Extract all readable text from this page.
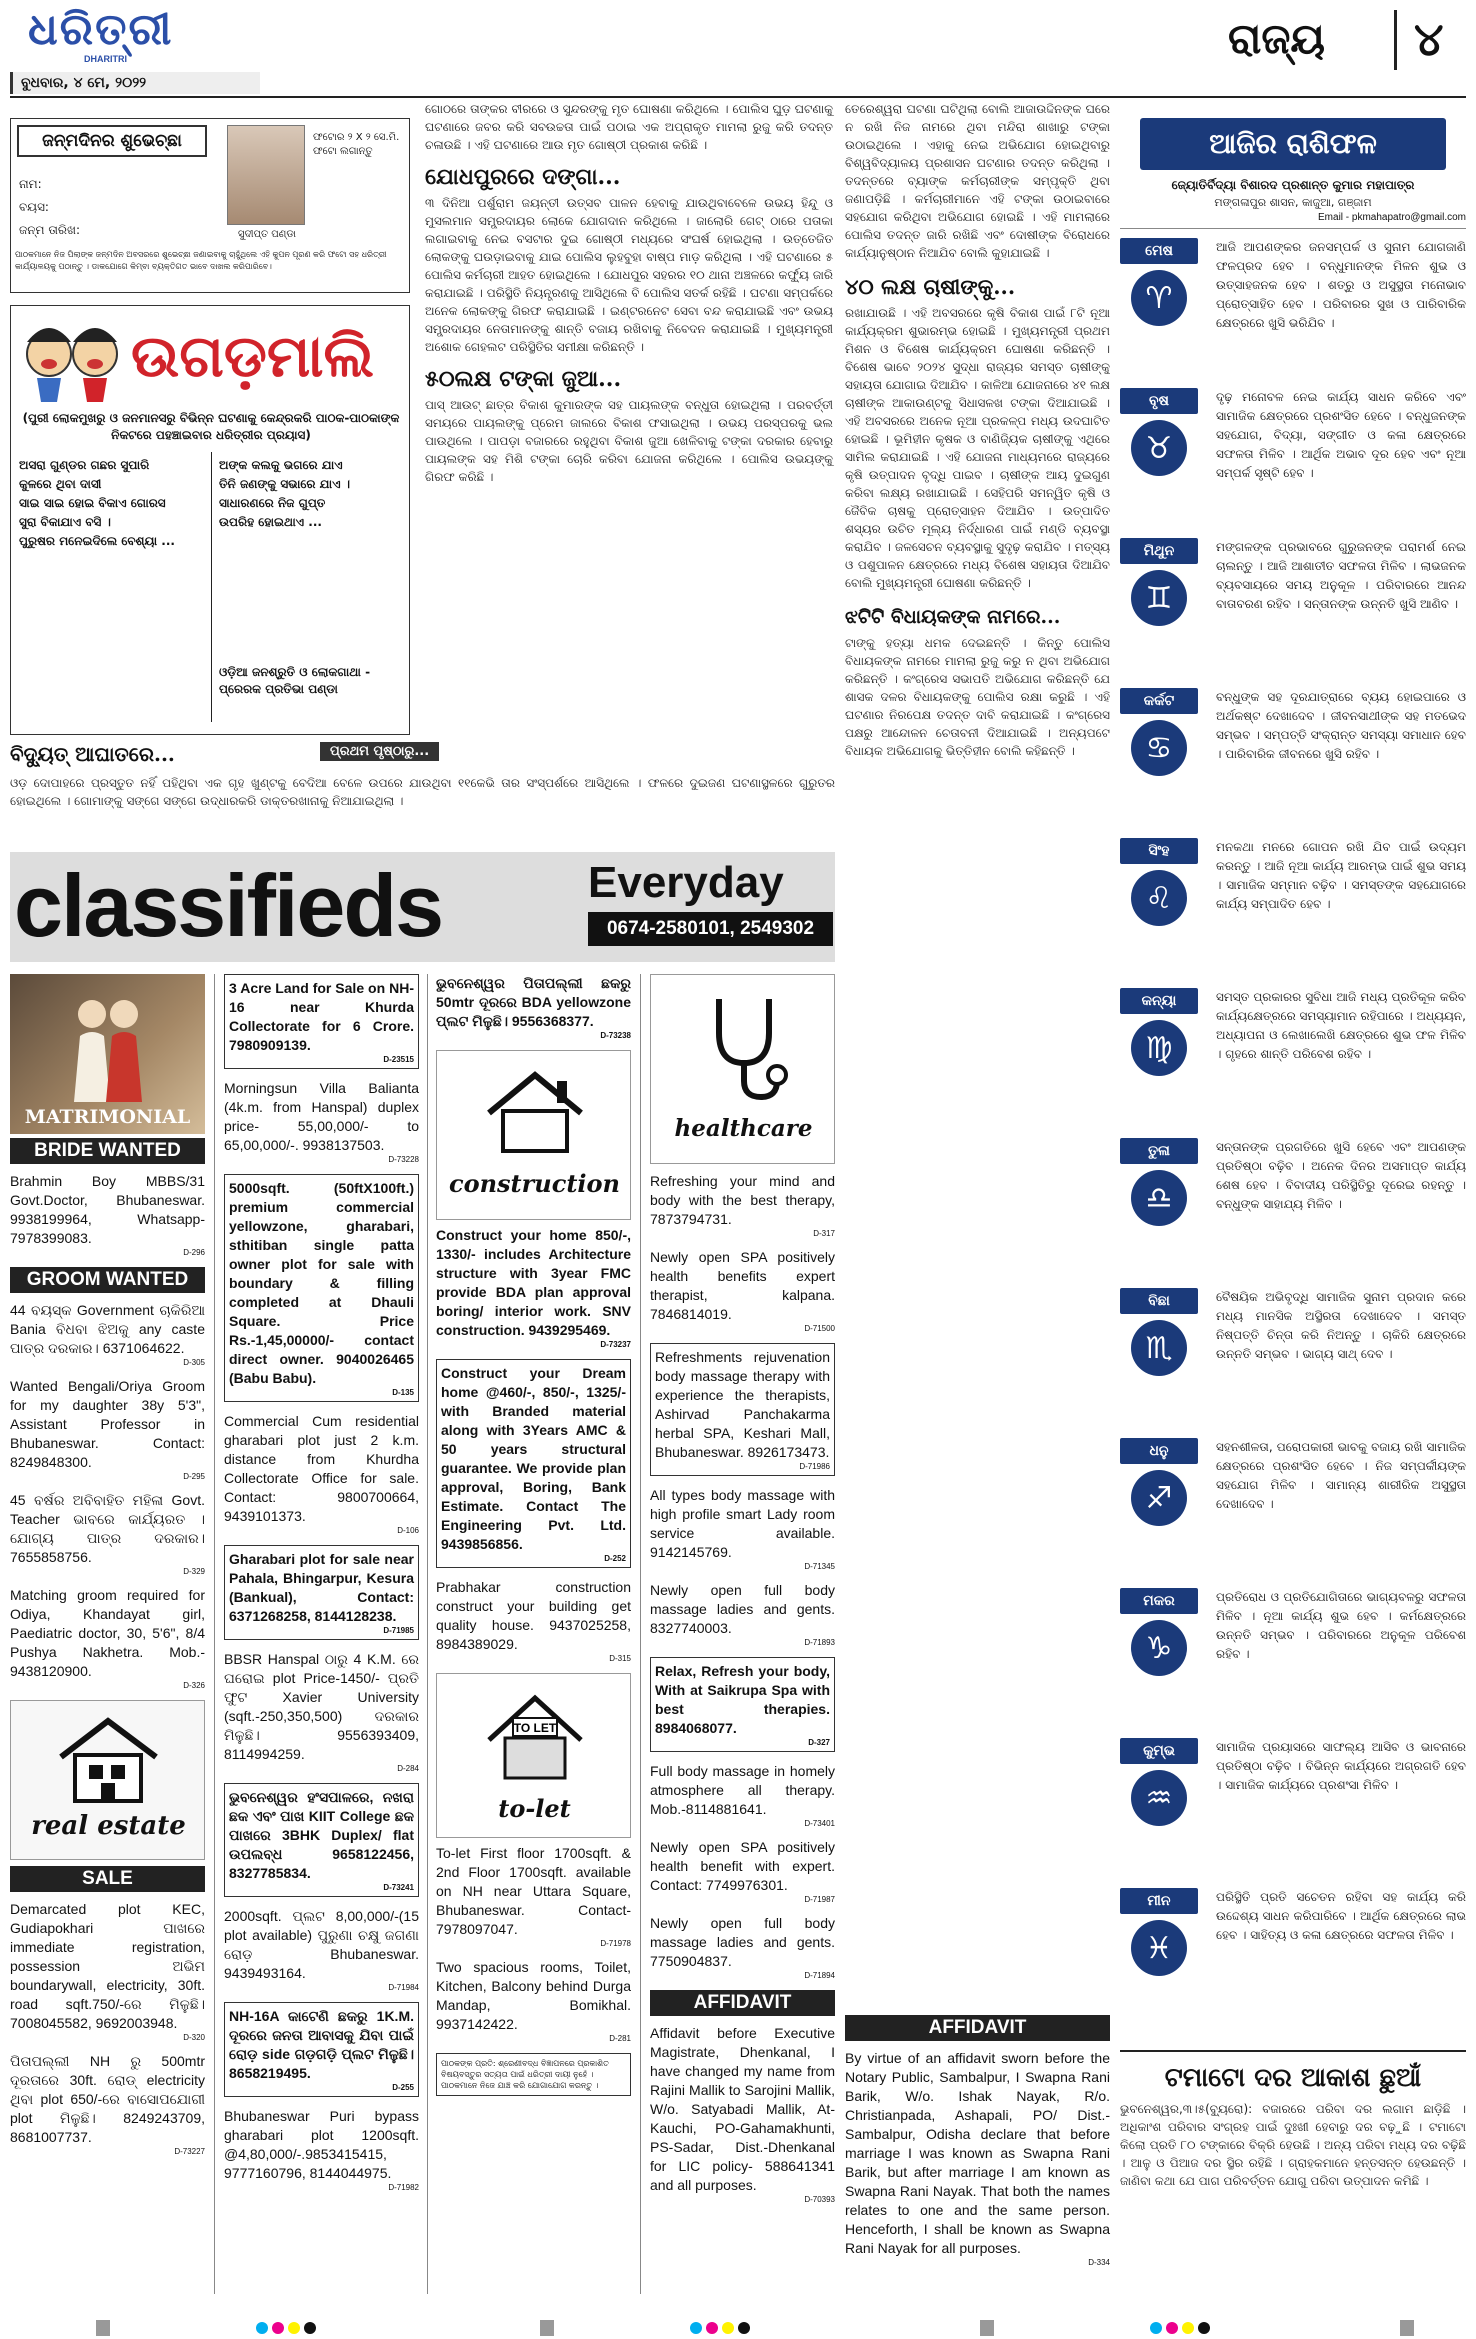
ଧରିତ୍ରୀ
DHARITRI
ବୁଧବାର, ୪ ମେ, ୨୦୨୨
ରାଜ୍ୟ ୪
ଜନ୍ମଦିନର ଶୁଭେଚ୍ଛା
ନାମ:
ବୟସ:
ଜନ୍ମ ତାରିଖ:
ଫଟୋର ୨ X ୨ ସେ.ମି. ଫଟୋ ଲଗାନ୍ତୁ
ସୁଦୀପ୍ତ ପଣ୍ଡା
ପାଠକମାନେ ନିଜ ପିଲାଙ୍କ ଜନ୍ମଦିନ ଅବସରରେ ଶୁଭେଚ୍ଛା ଜଣାଇବାକୁ ଚାହୁଁଥିଲେ ଏହି କୁପନ ପୂରଣ କରି ଫଟୋ ସହ ଧରିତ୍ରୀ କାର୍ଯ୍ୟାଳୟକୁ ପଠାନ୍ତୁ । ଡାକଯୋଗେ କିମ୍ବା ବ୍ୟକ୍ତିଗତ ଭାବେ ଦାଖଲ କରିପାରିବେ।
ଉଗଡ଼ମାଲି
(ପୁରୀ ଲୋକମୁଖରୁ ଓ ଜନମାନସରୁ ବିଭିନ୍ନ ଘଟଣାକୁ କେନ୍ଦ୍ରକରି ପାଠକ-ପାଠକାଙ୍କ ନିକଟରେ ପହଞ୍ଚାଇବାର ଧରିତ୍ରୀର ପ୍ରୟାସ)
ଅସରା ଗୁଣ୍ଡର ଗଛର ସୁପାରି
କୁଳରେ ଥିବା ଦାସୀ
ସାଇ ସାଇ ହୋଇ ବିକାଏ ଗୋରସ
ସୁରା ବିକାଯାଏ ବସି ।
ପୁରୁଷର ମନେଇଦିଲେ ବେଶ୍ୟା ...
ଅଙ୍କ କଲକୁ ଭଗରେ ଯାଏ
ତିନି ଜଣଙ୍କୁ ସଭାରେ ଯାଏ ।
ସାଧାରଣରେ ନିଜ ଗୁପ୍ତ
ଉପରିହ ହୋଇଥାଏ ...
ଓଡ଼ିଆ ଜନଶ୍ରୁତି ଓ ଲୋକଗାଥା - ପ୍ରେରକ ପ୍ରତିଭା ପଣ୍ଡା
ଗୋଠରେ ତାଙ୍କର ବୀରରେ ଓ ସୁନ୍ଦରଙ୍କୁ ମୃତ ଘୋଷଣା କରିଥିଲେ । ପୋଲିସ ଘୁଡ଼ ଘଟଣାକୁ ଘଟଣାରେ ଜବର କରି ସବଉଚ୍ଚତା ପାଇଁ ପଠାଇ ଏକ ଅପ୍ରାକୃତ ମାମଲା ରୁଜୁ କରି ତଦନ୍ତ ଚଳାଉଛି । ଏହି ଘଟଣାରେ ଆଉ ମୃତ ଗୋଷ୍ଠୀ ପ୍ରକାଶ କରିଛି ।
ଯୋଧପୁରରେ ଦଙ୍ଗା...
୩ ଦିନିଆ ପର୍ଶୁରାମ ଜୟନ୍ତୀ ଉତ୍ସବ ପାଳନ ହେବାକୁ ଯାଉଥିବାବେଳେ ଉଭୟ ହିନ୍ଦୁ ଓ ମୁସଲମାନ ସମ୍ପ୍ରଦାୟର ଲୋକେ ଯୋଗଦାନ କରିଥିଲେ । ଜାଲୋରି ଗେଟ୍ ଠାରେ ପତାକା ଲଗାଇବାକୁ ନେଇ ବସଟାର ଦୁଇ ଗୋଷ୍ଠୀ ମଧ୍ୟରେ ସଂଘର୍ଷ ହୋଇଥିଲା । ଉତ୍ତେଜିତ ଲୋକଙ୍କୁ ଘଉଡ଼ାଇବାକୁ ଯାଇ ପୋଲିସ ଲୁହବୁହା ବାଷ୍ପ ମାଡ଼ କରିଥିଲା । ଏହି ଘଟଣାରେ ୫ ପୋଲିସ କର୍ମଚାରୀ ଆହତ ହୋଇଥିଲେ । ଯୋଧପୁର ସହରର ୧୦ ଥାନା ଅଞ୍ଚଳରେ କର୍ଫ୍ୟୁ ଜାରି କରାଯାଇଛି । ପରିସ୍ଥିତି ନିୟନ୍ତ୍ରଣକୁ ଆସିଥିଲେ ବି ପୋଲିସ ସତର୍କ ରହିଛି । ଘଟଣା ସମ୍ପର୍କରେ ଅନେକ ଲୋକଙ୍କୁ ଗିରଫ କରାଯାଇଛି । ଇଣ୍ଟରନେଟ ସେବା ବନ୍ଦ କରାଯାଇଛି ଏବଂ ଉଭୟ ସମ୍ପ୍ରଦାୟର ନେତାମାନଙ୍କୁ ଶାନ୍ତି ବଜାୟ ରଖିବାକୁ ନିବେଦନ କରାଯାଇଛି । ମୁଖ୍ୟମନ୍ତ୍ରୀ ଅଶୋକ ଗେହଲଟ ପରିସ୍ଥିତିର ସମୀକ୍ଷା କରିଛନ୍ତି ।
୫୦ଲକ୍ଷ ଟଙ୍କା ଜୁଆ...
ପାସ୍ ଆଉଟ୍ ଛାତ୍ର ବିକାଶ କୁମାରଙ୍କ ସହ ପାୟଲଙ୍କ ବନ୍ଧୁତା ହୋଇଥିଲା । ପରବର୍ତ୍ତୀ ସମୟରେ ପାୟଲଙ୍କୁ ପ୍ରେମ ଜାଲରେ ବିକାଶ ଫସାଇଥିଲା । ଉଭୟ ପରସ୍ପରକୁ ଭଲ ପାଉଥିଲେ । ପାପଡ଼ା ବଜାରରେ ରହୁଥିବା ବିକାଶ ଜୁଆ ଖେଳିବାକୁ ଟଙ୍କା ଦରକାର ହେବାରୁ ପାୟଲଙ୍କ ସହ ମିଶି ଟଙ୍କା ଚୋରି କରିବା ଯୋଜନା କରିଥିଲେ । ପୋଲିସ ଉଭୟଙ୍କୁ ଗିରଫ କରିଛି ।
ତେରେଶ୍ୱରା ଘଟଣା ଘଟିଥିଲା ବୋଲି ଆଜାଉଦ୍ଦିନଙ୍କ ଘରେ ନ ରଖି ନିଜ ନାମରେ ଥିବା ମନ୍ଦିରା ଶାଖାରୁ ଟଙ୍କା ଉଠାଇଥିଲେ । ଏହାକୁ ନେଇ ଅଭିଯୋଗ ହୋଇଥିବାରୁ ବିଶ୍ୱବିଦ୍ୟାଳୟ ପ୍ରଶାସନ ଘଟଣାର ତଦନ୍ତ କରିଥିଲା । ତଦନ୍ତରେ ବ୍ୟାଙ୍କ କର୍ମଚାରୀଙ୍କ ସମ୍ପୃକ୍ତି ଥିବା ଜଣାପଡ଼ିଛି । କର୍ମଚାରୀମାନେ ଏହି ଟଙ୍କା ଉଠାଇବାରେ ସହଯୋଗ କରିଥିବା ଅଭିଯୋଗ ହୋଇଛି । ଏହି ମାମଲାରେ ପୋଲିସ ତଦନ୍ତ ଜାରି ରଖିଛି ଏବଂ ଦୋଷୀଙ୍କ ବିରୋଧରେ କାର୍ଯ୍ୟାନୁଷ୍ଠାନ ନିଆଯିବ ବୋଲି କୁହାଯାଇଛି ।
୪୦ ଲକ୍ଷ ଚାଷୀଙ୍କୁ...
ରଖାଯାଉଛି । ଏହି ଅବସରରେ କୃଷି ବିକାଶ ପାଇଁ ୮ଟି ନୂଆ କାର୍ଯ୍ୟକ୍ରମ ଶୁଭାରମ୍ଭ ହୋଇଛି । ମୁଖ୍ୟମନ୍ତ୍ରୀ ପ୍ରଥମ ମିଶନ ଓ ବିଶେଷ କାର୍ଯ୍ୟକ୍ରମ ଘୋଷଣା କରିଛନ୍ତି । ବିଶେଷ ଭାବେ ୨୦୨୪ ସୁଦ୍ଧା ରାଜ୍ୟର ସମସ୍ତ ଚାଷୀଙ୍କୁ ସହାୟତା ଯୋଗାଇ ଦିଆଯିବ । କାଳିଆ ଯୋଜନାରେ ୪୧ ଲକ୍ଷ ଚାଷୀଙ୍କ ଆକାଉଣ୍ଟକୁ ସିଧାସଳଖ ଟଙ୍କା ଦିଆଯାଇଛି । ଏହି ଅବସରରେ ଅନେକ ନୂଆ ପ୍ରକଳ୍ପ ମଧ୍ୟ ଉଦଘାଟିତ ହୋଇଛି । ଭୂମିହୀନ କୃଷକ ଓ ବାଣିଜ୍ୟିକ ଚାଷୀଙ୍କୁ ଏଥିରେ ସାମିଲ କରାଯାଇଛି । ଏହି ଯୋଜନା ମାଧ୍ୟମରେ ରାଜ୍ୟରେ କୃଷି ଉତ୍ପାଦନ ବୃଦ୍ଧି ପାଇବ । ଚାଷୀଙ୍କ ଆୟ ଦୁଇଗୁଣ କରିବା ଲକ୍ଷ୍ୟ ରଖାଯାଇଛି । ସେହିପରି ସମନ୍ୱିତ କୃଷି ଓ ଜୈବିକ ଚାଷକୁ ପ୍ରୋତ୍ସାହନ ଦିଆଯିବ । ଉତ୍ପାଦିତ ଶସ୍ୟର ଉଚିତ ମୂଲ୍ୟ ନିର୍ଦ୍ଧାରଣ ପାଇଁ ମଣ୍ଡି ବ୍ୟବସ୍ଥା କରାଯିବ । ଜଳସେଚନ ବ୍ୟବସ୍ଥାକୁ ସୁଦୃଢ଼ କରାଯିବ । ମତ୍ସ୍ୟ ଓ ପଶୁପାଳନ କ୍ଷେତ୍ରରେ ମଧ୍ୟ ବିଶେଷ ସହାୟତା ଦିଆଯିବ ବୋଲି ମୁଖ୍ୟମନ୍ତ୍ରୀ ଘୋଷଣା କରିଛନ୍ତି ।
ଝଟିଟି ବିଧାୟକଙ୍କ ନାମରେ...
ଟାଙ୍କୁ ହତ୍ୟା ଧମକ ଦେଇଛନ୍ତି । କିନ୍ତୁ ପୋଲିସ ବିଧାୟକଙ୍କ ନାମରେ ମାମଲା ରୁଜୁ କରୁ ନ ଥିବା ଅଭିଯୋଗ କରିଛନ୍ତି । କଂଗ୍ରେସ ସଭାପତି ଅଭିଯୋଗ କରିଛନ୍ତି ଯେ ଶାସକ ଦଳର ବିଧାୟକଙ୍କୁ ପୋଲିସ ରକ୍ଷା କରୁଛି । ଏହି ଘଟଣାର ନିରପେକ୍ଷ ତଦନ୍ତ ଦାବି କରାଯାଇଛି । କଂଗ୍ରେସ ପକ୍ଷରୁ ଆନ୍ଦୋଳନ ଚେତାବନୀ ଦିଆଯାଇଛି । ଅନ୍ୟପଟେ ବିଧାୟକ ଅଭିଯୋଗକୁ ଭିତ୍ତିହୀନ ବୋଲି କହିଛନ୍ତି ।
ବିଦ୍ୟୁତ୍ ଆଘାତରେ...	ପ୍ରଥମ ପୃଷ୍ଠାରୁ...
ଓଡ଼ ଦୋପାହରେ ପ୍ରସ୍ତୁତ ନହିଁ ପହିଥିବା ଏକ ଗୃହ ଖୁଣ୍ଟକୁ ବେଦିଆ ବେଳେ ଉପରେ ଯାଉଥିବା ୧୧କେଭି ତାର ସଂସ୍ପର୍ଶରେ ଆସିଥିଲେ । ଫଳରେ ଦୁଇଜଣ ଘଟଣାସ୍ଥଳରେ ଗୁରୁତର ହୋଇଥିଲେ । ଗୋମାଙ୍କୁ ସଙ୍ଗେ ସଙ୍ଗେ ଉଦ୍ଧାରକରି ଡାକ୍ତରଖାନାକୁ ନିଆଯାଇଥିଲା ।
classifieds	Everyday
0674-2580101, 2549302
MATRIMONIAL
BRIDE WANTED
Brahmin Boy MBBS/31 Govt.Doctor, Bhubaneswar. 9938199964, Whatsapp-7978399083.
D-296
GROOM WANTED
44 ବୟସ୍କ Government ଚାକିରିଆ Bania ବିଧବା ଝିଅକୁ any caste ପାତ୍ର ଦରକାର। 6371064622.
D-305
Wanted Bengali/Oriya Groom for my daughter 38y 5'3", Assistant Professor in Bhubaneswar. Contact: 8249848300.
D-295
45 ବର୍ଷର ଅବିବାହିତ ମହିଳା Govt. Teacher ଭାବରେ କାର୍ଯ୍ୟରତ ।ଯୋଗ୍ୟ ପାତ୍ର ଦରକାର। 7655858756.
D-329
Matching groom required for Odiya, Khandayat girl, Paediatric doctor, 30, 5'6", 8/4 Pushya Nakhetra. Mob.- 9438120900.
D-326
real estate
SALE
Demarcated plot KEC, Gudiapokhari ପାଖରେ immediate registration, possession ଅଭିମ boundarywall, electricity, 30ft. road sqft.750/-ରେ ମିଳୁଛି। 7008045582, 9692003948.
D-320
ପିତାପଲ୍ଲୀ NH ରୁ 500mtr ଦୂରତାରେ 30ft. ରୋଡ୍ electricity ଥିବା plot 650/-ରେ ବାସୋପଯୋଗୀ plot ମିଳୁଛି। 8249243709, 8681007737.
D-73227
3 Acre Land for Sale on NH-16 near Khurda Collectorate for 6 Crore. 7980909139.
D-23515
Morningsun Villa Balianta (4k.m. from Hanspal) duplex price- 55,00,000/- to 65,00,000/-. 9938137503.
D-73228
5000sqft. (50ftX100ft.) premium commercial yellowzone, gharabari, sthitiban single patta owner plot for sale with boundary & filling completed at Dhauli Square. Price Rs.-1,45,00000/- contact direct owner. 9040026465 (Babu Babu).
D-135
Commercial Cum residential gharabari plot just 2 k.m. distance from Khurdha Collectorate Office for sale. Contact: 9800700664, 9439101373.
D-106
Gharabari plot for sale near Pahala, Bhingarpur, Kesura (Bankual), Contact: 6371268258, 8144128238.
D-71985
BBSR Hanspal ଠାରୁ 4 K.M. ରେ ଘରୋଇ plot Price-1450/- ପ୍ରତି ଫୁଟ Xavier University (sqft.-250,350,500) ଦରକାର ମିଳୁଛି। 9556393409, 8114994259.
D-284
ଭୁବନେଶ୍ୱର ହଂସପାଳରେ, ନଖରା ଛକ ଏବଂ ପାଖ KIIT College ଛକ ପାଖରେ 3BHK Duplex/ flat ଉପଲବ୍ଧ 9658122456, 8327785834.
D-73241
2000sqft. ପ୍ଲଟ 8,00,000/-(15 plot available) ପୁରୁଣା ଚକ୍ଷୁ ଜଗଣା ରୋଡ଼ Bhubaneswar. 9439493164.
D-71984
NH-16A କାଟେଣି ଛକରୁ 1K.M. ଦୂରରେ ଜନତା ଆବାସକୁ ଯିବା ପାଇଁ ରୋଡ଼ side ଗଡ଼ଗଡ଼ି ପ୍ଲଟ ମିଳୁଛି। 8658219495.
D-255
Bhubaneswar Puri bypass gharabari plot 1200sqft. @4,80,000/-.9853415415, 9777160796, 8144044975.
D-71982
ଭୁବନେଶ୍ୱର ପିତାପଲ୍ଲୀ ଛକରୁ 50mtr ଦୂରରେ BDA yellowzone ପ୍ଲଟ ମିଳୁଛି। 9556368377.
D-73238
construction
Construct your home 850/-, 1330/- includes Architecture structure with 3year FMC provide BDA plan approval boring/ interior work. SNV construction. 9439295469.
D-73237
Construct your Dream home @460/-, 850/-, 1325/- with Branded material along with 3Years AMC & 50 years structural guarantee. We provide plan approval, Boring, Bank Estimate. Contact The Engineering Pvt. Ltd. 9439856856.
D-252
Prabhakar construction construct your building get quality house. 9437025258, 8984389029.
D-315
TO LET
to-let
To-let First floor 1700sqft. & 2nd Floor 1700sqft. available on NH near Uttara Square, Bhubaneswar. Contact- 7978097047.
D-71978
Two spacious rooms, Toilet, Kitchen, Balcony behind Durga Mandap, Bomikhal. 9937142422.
D-281
ପାଠକଙ୍କ ପ୍ରତି: ଶ୍ରେଣୀବଦ୍ଧ ବିଜ୍ଞାପନରେ ପ୍ରକାଶିତ ବିଷୟବସ୍ତୁର ସତ୍ୟତା ପାଇଁ ଧରିତ୍ରୀ ଦାୟୀ ନୁହେଁ । ପାଠକମାନେ ନିଜେ ଯାଞ୍ଚ କରି ଯୋଗାଯୋଗ କରନ୍ତୁ ।
healthcare
Refreshing your mind and body with the best therapy, 7873794731.
D-317
Newly open SPA positively health benefits expert therapist, kalpana. 7846814019.
D-71500
Refreshments rejuvenation body massage therapy with experience the therapists, Ashirvad Panchakarma herbal SPA, Keshari Mall, Bhubaneswar. 8926173473.
D-71986
All types body massage with high profile smart Lady room service available. 9142145769.
D-71345
Newly open full body massage ladies and gents. 8327740003.
D-71893
Relax, Refresh your body, With at Saikrupa Spa with best therapies. 8984068077.
D-327
Full body massage in homely atmosphere all therapy. Mob.-8114881641.
D-73401
Newly open SPA positively health benefit with expert. Contact: 7749976301.
D-71987
Newly open full body massage ladies and gents. 7750904837.
D-71894
AFFIDAVIT
Affidavit before Executive Magistrate, Dhenkanal, I have changed my name from Rajini Mallik to Sarojini Mallik, W/o. Satyabadi Mallik, At-Kauchi, PO-Gahamakhunti, PS-Sadar, Dist.-Dhenkanal for LIC policy- 588641341 and all purposes.
D-70393
AFFIDAVIT
By virtue of an affidavit sworn before the Notary Public, Sambalpur, I Swapna Rani Barik, W/o. Ishak Nayak, R/o. Christianpada, Ashapali, PO/ Dist.- Sambalpur, Odisha declare that before marriage I was known as Swapna Rani Barik, but after marriage I am known as Swapna Rani Nayak. That both the names relates to one and the same person. Henceforth, I shall be known as Swapna Rani Nayak for all purposes.
D-334
ଆଜିର ରାଶିଫଳ
ଜ୍ୟୋତିର୍ବିଦ୍ୟା ବିଶାରଦ ପ୍ରଶାନ୍ତ କୁମାର ମହାପାତ୍ର
ମଙ୍ଗଳାପୁର ଶାସନ, କାଜୁଆ, ଗଞ୍ଜାମ
Email - pkmahapatro@gmail.com
ମେଷ
♈
ଆଜି ଆପଣଙ୍କର ଜନସମ୍ପର୍କ ଓ ସୁନାମ ଯୋଗଜାଣି ଫଳପ୍ରଦ ହେବ । ବନ୍ଧୁମାନଙ୍କ ମିଳନ ଶୁଭ ଓ ଉତ୍ସାହଜନକ ହେବ । ଶତ୍ରୁ ଓ ଅସୁସ୍ଥତା ମନୋଭାବ ପ୍ରୋତ୍ସାହିତ ହେବ । ପରିବାରର ସୁଖ ଓ ପାରିବାରିକ କ୍ଷେତ୍ରରେ ଖୁସି ଭରିଯିବ ।
ବୃଷ
♉
ଦୃଢ଼ ମନୋବଳ ନେଇ କାର୍ଯ୍ୟ ସାଧନ କରିବେ ଏବଂ ସାମାଜିକ କ୍ଷେତ୍ରରେ ପ୍ରଶଂସିତ ହେବେ । ବନ୍ଧୁଜନଙ୍କ ସହଯୋଗ, ବିଦ୍ୟା, ସଙ୍ଗୀତ ଓ କଳା କ୍ଷେତ୍ରରେ ସଫଳତା ମିଳିବ । ଆର୍ଥିକ ଅଭାବ ଦୂର ହେବ ଏବଂ ନୂଆ ସମ୍ପର୍କ ସୃଷ୍ଟି ହେବ ।
ମିଥୁନ
♊
ମଙ୍ଗଳଙ୍କ ପ୍ରଭାବରେ ଗୁରୁଜନଙ୍କ ପରାମର୍ଶ ନେଇ ଚାଲନ୍ତୁ । ଆଜି ଆଶାତୀତ ସଫଳତା ମିଳିବ । ଲାଭଜନକ ବ୍ୟବସାୟରେ ସମୟ ଅନୁକୂଳ । ପରିବାରରେ ଆନନ୍ଦ ବାତାବରଣ ରହିବ । ସନ୍ତାନଙ୍କ ଉନ୍ନତି ଖୁସି ଆଣିବ ।
କର୍କଟ
♋
ବନ୍ଧୁଙ୍କ ସହ ଦୂରଯାତ୍ରାରେ ବ୍ୟୟ ହୋଇପାରେ ଓ ଅର୍ଥକଷ୍ଟ ଦେଖାଦେବ । ଜୀବନସାଥୀଙ୍କ ସହ ମତଭେଦ ସମ୍ଭବ । ସମ୍ପତ୍ତି ସଂକ୍ରାନ୍ତ ସମସ୍ୟା ସମାଧାନ ହେବ । ପାରିବାରିକ ଜୀବନରେ ଖୁସି ରହିବ ।
ସିଂହ
♌
ମନକଥା ମନରେ ଗୋପନ ରଖି ଯିବ ପାଇଁ ଉଦ୍ୟମ କରନ୍ତୁ । ଆଜି ନୂଆ କାର୍ଯ୍ୟ ଆରମ୍ଭ ପାଇଁ ଶୁଭ ସମୟ । ସାମାଜିକ ସମ୍ମାନ ବଢ଼ିବ । ସମସ୍ତଙ୍କ ସହଯୋଗରେ କାର୍ଯ୍ୟ ସମ୍ପାଦିତ ହେବ ।
କନ୍ୟା
♍
ସମସ୍ତ ପ୍ରକାରର ସୁବିଧା ଆଜି ମଧ୍ୟ ପ୍ରତିକୂଳ କରିବ କାର୍ଯ୍ୟକ୍ଷେତ୍ରରେ ସମସ୍ୟାମାନ ରହିପାରେ । ଅଧ୍ୟୟନ, ଅଧ୍ୟାପନା ଓ ଲେଖାଲେଖି କ୍ଷେତ୍ରରେ ଶୁଭ ଫଳ ମିଳିବ । ଗୃହରେ ଶାନ୍ତି ପରିବେଶ ରହିବ ।
ତୁଳା
♎
ସନ୍ତାନଙ୍କ ପ୍ରଗତିରେ ଖୁସି ହେବେ ଏବଂ ଆପଣଙ୍କ ପ୍ରତିଷ୍ଠା ବଢ଼ିବ । ଅନେକ ଦିନର ଅସମାପ୍ତ କାର୍ଯ୍ୟ ଶେଷ ହେବ । ବିବାଦୀୟ ପରିସ୍ଥିତିରୁ ଦୂରେଇ ରହନ୍ତୁ । ବନ୍ଧୁଙ୍କ ସାହାଯ୍ୟ ମିଳିବ ।
ବିଛା
♏
ବୈଷୟିକ ଅଭିବୃଦ୍ଧି ସାମାଜିକ ସୁନାମ ପ୍ରଦାନ କରେ ମଧ୍ୟ ମାନସିକ ଅସ୍ଥିରତା ଦେଖାଦେବ । ସମସ୍ତ ନିଷ୍ପତ୍ତି ଚିନ୍ତା କରି ନିଅନ୍ତୁ । ଚାକିରି କ୍ଷେତ୍ରରେ ଉନ୍ନତି ସମ୍ଭବ । ଭାଗ୍ୟ ସାଥ୍ ଦେବ ।
ଧନୁ
♐
ସହନଶୀଳତା, ପରୋପକାରୀ ଭାବକୁ ବଜାୟ ରଖି ସାମାଜିକ କ୍ଷେତ୍ରରେ ପ୍ରଶଂସିତ ହେବେ । ନିଜ ସମ୍ପର୍କୀୟଙ୍କ ସହଯୋଗ ମିଳିବ । ସାମାନ୍ୟ ଶାରୀରିକ ଅସୁସ୍ଥତା ଦେଖାଦେବ ।
ମକର
♑
ପ୍ରତିରୋଧ ଓ ପ୍ରତିଯୋଗିତାରେ ଭାଗ୍ୟବଳରୁ ସଫଳତା ମିଳିବ । ନୂଆ କାର୍ଯ୍ୟ ଶୁଭ ହେବ । କର୍ମକ୍ଷେତ୍ରରେ ଉନ୍ନତି ସମ୍ଭବ । ପରିବାରରେ ଅନୁକୂଳ ପରିବେଶ ରହିବ ।
କୁମ୍ଭ
♒
ସାମାଜିକ ପ୍ରୟାସରେ ସାଫଲ୍ୟ ଆସିବ ଓ ଭାବନାରେ ପ୍ରତିଷ୍ଠା ବଢ଼ିବ । ବିଭିନ୍ନ କାର୍ଯ୍ୟରେ ଅଗ୍ରଗତି ହେବ । ସାମାଜିକ କାର୍ଯ୍ୟରେ ପ୍ରଶଂସା ମିଳିବ ।
ମୀନ
♓
ପରିସ୍ଥିତି ପ୍ରତି ସଚେତନ ରହିବା ସହ କାର୍ଯ୍ୟ କରି ଉଦ୍ଦେଶ୍ୟ ସାଧନ କରିପାରିବେ । ଆର୍ଥିକ କ୍ଷେତ୍ରରେ ଲାଭ ହେବ । ସାହିତ୍ୟ ଓ କଳା କ୍ଷେତ୍ରରେ ସଫଳତା ମିଳିବ ।
ଟମାଟୋ ଦର ଆକାଶ ଛୁଆଁ
ଭୁବନେଶ୍ୱର,୩।୫(ବ୍ୟୁରୋ): ବଜାରରେ ପରିବା ଦର ଲଗାମ ଛାଡ଼ିଛି । ଅଧିକାଂଶ ପରିବାର ସଂଗ୍ରହ ପାଇଁ ଦୁଃଖୀ ହେବାରୁ ଦର ବଢ଼ୁଛି । ଟମାଟୋ କିଲୋ ପ୍ରତି ୮୦ ଟଙ୍କାରେ ବିକ୍ରି ହେଉଛି । ଅନ୍ୟ ପରିବା ମଧ୍ୟ ଦର ବଢ଼ିଛି । ଆଳୁ ଓ ପିଆଜ ଦର ସ୍ଥିର ରହିଛି । ଗ୍ରାହକମାନେ ହନ୍ତସନ୍ତ ହେଉଛନ୍ତି । ଜାଣିବା କଥା ଯେ ପାଗ ପରିବର୍ତ୍ତନ ଯୋଗୁ ପରିବା ଉତ୍ପାଦନ କମିଛି ।
